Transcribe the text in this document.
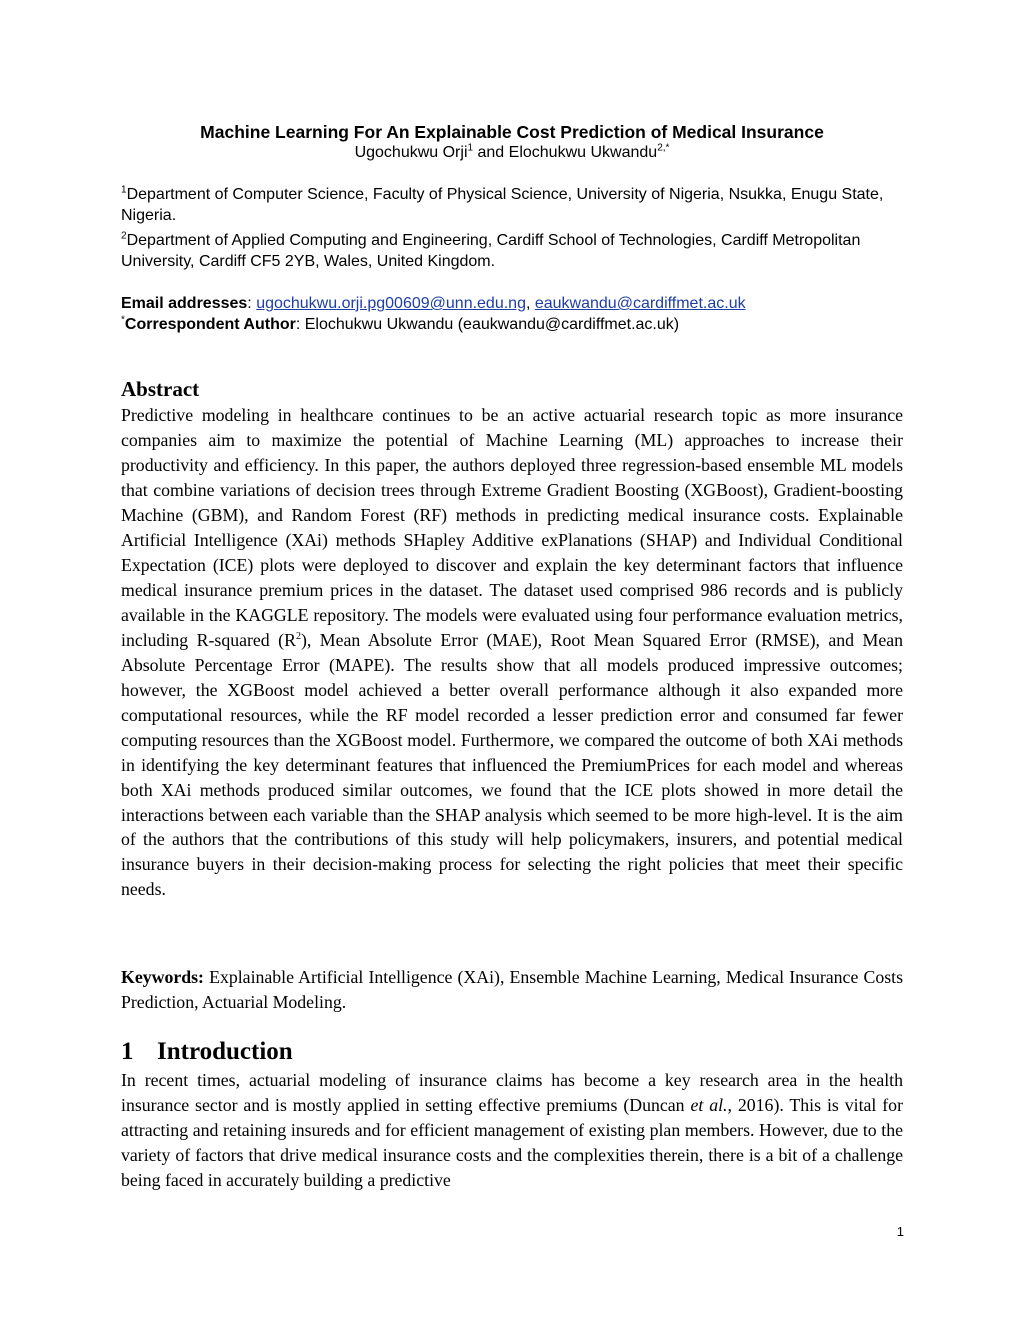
Machine Learning For An Explainable Cost Prediction of Medical Insurance
Ugochukwu Orji$^1$ and Elochukwu Ukwandu$^{2,*}$
$^1$Department of Computer Science, Faculty of Physical Science, University of Nigeria, Nsukka, Enugu State, Nigeria.
$^2$Department of Applied Computing and Engineering, Cardiff School of Technologies, Cardiff Metropolitan University, Cardiff CF5 2YB, Wales, United Kingdom.
Email addresses: ugochukwu.orji.pg00609@unn.edu.ng, eaukwandu@cardiffmet.ac.uk
*Correspondent Author: Elochukwu Ukwandu (eaukwandu@cardiffmet.ac.uk)
Abstract
Predictive modeling in healthcare continues to be an active actuarial research topic as more insurance companies aim to maximize the potential of Machine Learning (ML) approaches to increase their productivity and efficiency. In this paper, the authors deployed three regression-based ensemble ML models that combine variations of decision trees through Extreme Gradient Boosting (XGBoost), Gradient-boosting Machine (GBM), and Random Forest (RF) methods in predicting medical insurance costs. Explainable Artificial Intelligence (XAi) methods SHapley Additive exPlanations (SHAP) and Individual Conditional Expectation (ICE) plots were deployed to discover and explain the key determinant factors that influence medical insurance premium prices in the dataset. The dataset used comprised 986 records and is publicly available in the KAGGLE repository. The models were evaluated using four performance evaluation metrics, including R-squared $(R^2)$, Mean Absolute Error (MAE), Root Mean Squared Error (RMSE), and Mean Absolute Percentage Error (MAPE). The results show that all models produced impressive outcomes; however, the XGBoost model achieved a better overall performance although it also expanded more computational resources, while the RF model recorded a lesser prediction error and consumed far fewer computing resources than the XGBoost model. Furthermore, we compared the outcome of both XAi methods in identifying the key determinant features that influenced the PremiumPrices for each model and whereas both XAi methods produced similar outcomes, we found that the ICE plots showed in more detail the interactions between each variable than the SHAP analysis which seemed to be more high-level. It is the aim of the authors that the contributions of this study will help policymakers, insurers, and potential medical insurance buyers in their decision-making process for selecting the right policies that meet their specific needs.
Keywords: Explainable Artificial Intelligence (XAi), Ensemble Machine Learning, Medical Insurance Costs Prediction, Actuarial Modeling.
1 Introduction
In recent times, actuarial modeling of insurance claims has become a key research area in the health insurance sector and is mostly applied in setting effective premiums (Duncan et al., 2016). This is vital for attracting and retaining insureds and for efficient management of existing plan members. However, due to the variety of factors that drive medical insurance costs and the complexities therein, there is a bit of a challenge being faced in accurately building a predictive
1
